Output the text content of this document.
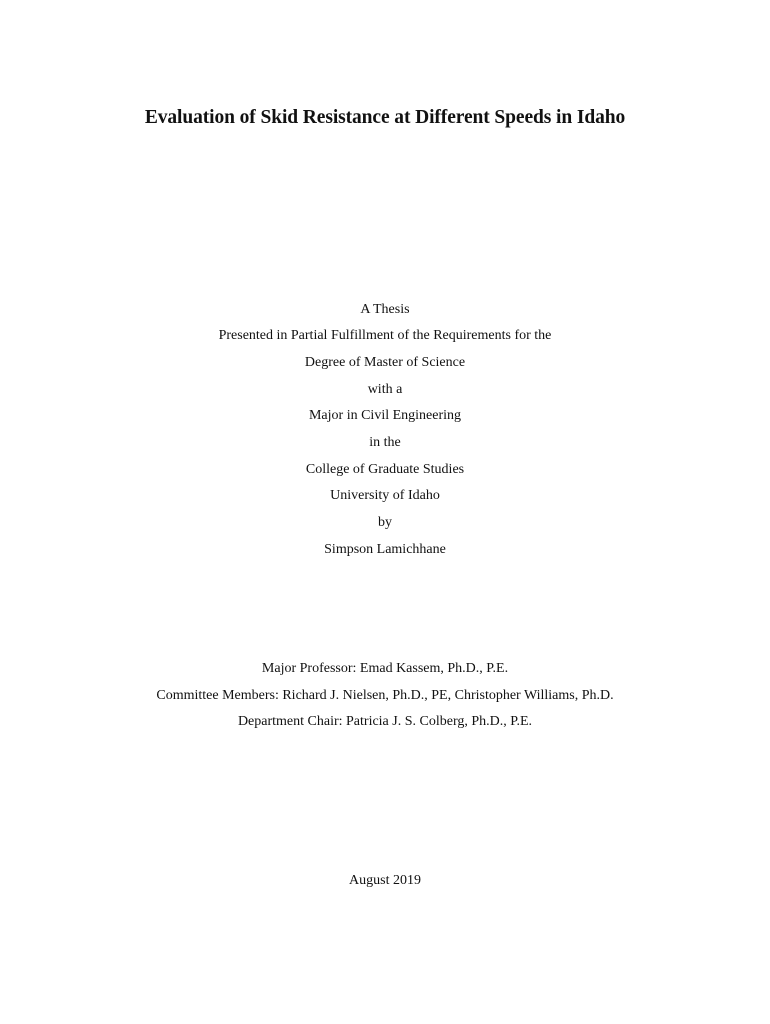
Evaluation of Skid Resistance at Different Speeds in Idaho
A Thesis
Presented in Partial Fulfillment of the Requirements for the
Degree of Master of Science
with a
Major in Civil Engineering
in the
College of Graduate Studies
University of Idaho
by
Simpson Lamichhane
Major Professor: Emad Kassem, Ph.D., P.E.
Committee Members: Richard J. Nielsen, Ph.D., PE, Christopher Williams, Ph.D.
Department Chair: Patricia J. S. Colberg, Ph.D., P.E.
August 2019
